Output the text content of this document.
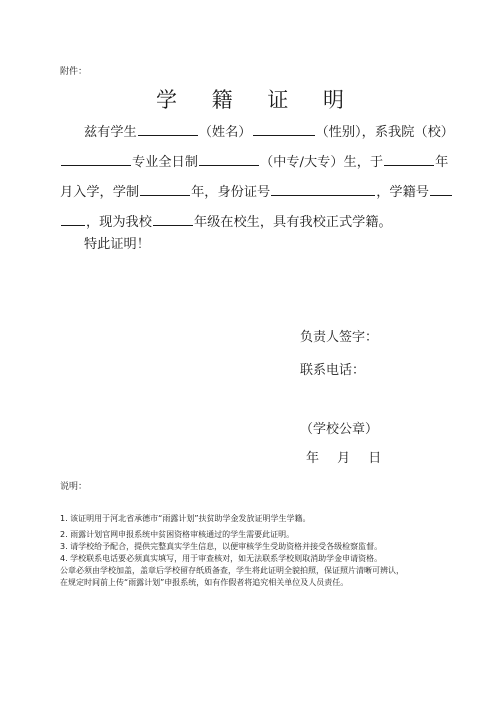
附件：
学 籍 证 明
兹有学生	（姓名）	（性别），系我院（校）
专业全日制	（中专/大专）生，于	年
月入学，学制	年，身份证号	，学籍号
，现为我校	年级在校生，具有我校正式学籍。
特此证明！
负责人签字：
联系电话：
（学校公章）
年 月 日
说明：
1. 该证明用于河北省承德市“雨露计划”扶贫助学金发放证明学生学籍。
2. 雨露计划官网申报系统中贫困资格审核通过的学生需要此证明。
3. 请学校给予配合，提供完整真实学生信息，以便审核学生受助资格并接受各级检察监督。
4. 学校联系电话要必须真实填写，用于审查核对，如无法联系学校则取消助学金申请资格。
公章必须由学校加盖，盖章后学校留存纸质备查，学生将此证明全貌拍照，保证照片清晰可辨认，
在规定时间前上传“雨露计划”申报系统，如有作假者将追究相关单位及人员责任。
